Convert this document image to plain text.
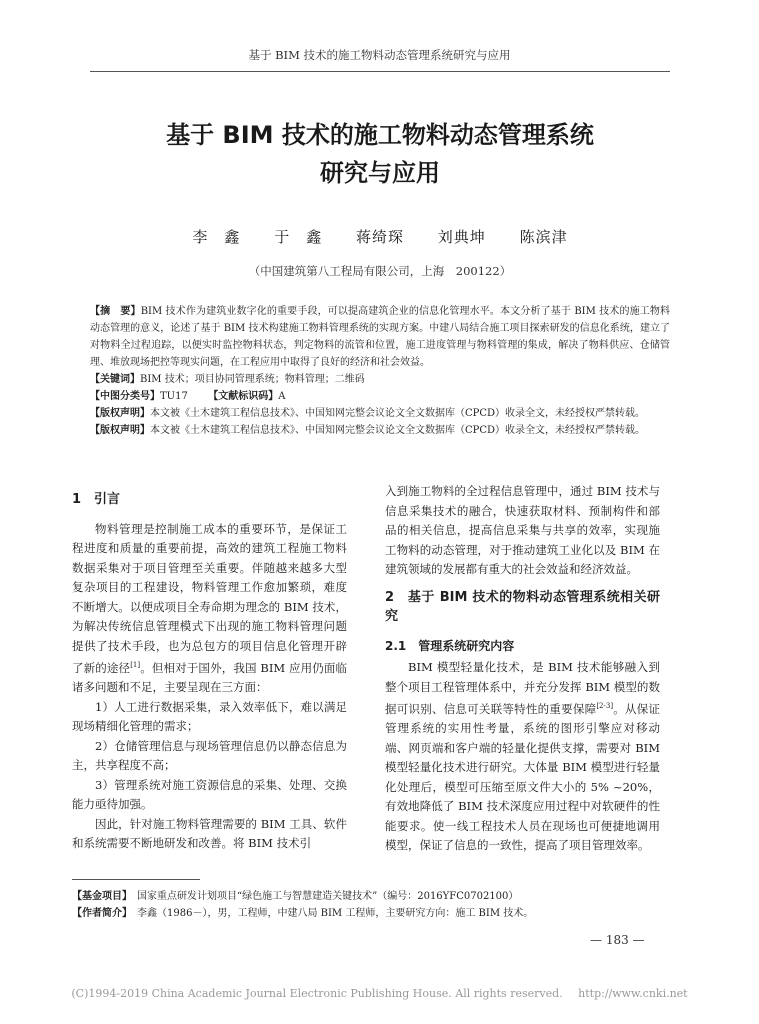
基于 BIM 技术的施工物料动态管理系统研究与应用
基于 BIM 技术的施工物料动态管理系统
研究与应用
李　鑫 于　鑫 蒋绮琛 刘典坤 陈滨津
（中国建筑第八工程局有限公司，上海　200122）

【摘　要】BIM 技术作为建筑业数字化的重要手段，可以提高建筑企业的信息化管理水平。本文分析了基于 BIM 技术的施工物料动态管理的意义，论述了基于 BIM 技术构建施工物料管理系统的实现方案。中建八局结合施工项目探索研发的信息化系统，建立了对物料全过程追踪，以便实时监控物料状态，判定物料的流管和位置，施工进度管理与物料管理的集成，解决了物料供应、仓储管理、堆放现场把控等现实问题，在工程应用中取得了良好的经济和社会效益。

【关键词】BIM 技术；项目协同管理系统；物料管理；二维码

【中图分类号】TU17 【文献标识码】A

【版权声明】本文被《土木建筑工程信息技术》、中国知网完整会议论文全文数据库（CPCD）收录全文，未经授权严禁转载。

【版权声明】本文被《土木建筑工程信息技术》、中国知网完整会议论文全文数据库（CPCD）收录全文，未经授权严禁转载。

1　引言

物料管理是控制施工成本的重要环节，是保证工程进度和质量的重要前提，高效的建筑工程施工物料数据采集对于项目管理至关重要。伴随越来越多大型复杂项目的工程建设，物料管理工作愈加繁琐，难度不断增大。以便成项目全寿命期为理念的 BIM 技术，为解决传统信息管理模式下出现的施工物料管理问题提供了技术手段，也为总包方的项目信息化管理开辟了新的途径[1]。但相对于国外，我国 BIM 应用仍面临诸多问题和不足，主要呈现在三方面：

1）人工进行数据采集，录入效率低下，难以满足现场精细化管理的需求；

2）仓储管理信息与现场管理信息仍以静态信息为主，共享程度不高；

3）管理系统对施工资源信息的采集、处理、交换能力亟待加强。

因此，针对施工物料管理需要的 BIM 工具、软件和系统需要不断地研发和改善。将 BIM 技术引

入到施工物料的全过程信息管理中，通过 BIM 技术与信息采集技术的融合，快速获取材料、预制构件和部品的相关信息，提高信息采集与共享的效率，实现施工物料的动态管理，对于推动建筑工业化以及 BIM 在建筑领域的发展都有重大的社会效益和经济效益。

2　基于 BIM 技术的物料动态管理系统相关研究

2.1　管理系统研究内容

BIM 模型轻量化技术，是 BIM 技术能够融入到整个项目工程管理体系中，并充分发挥 BIM 模型的数据可识别、信息可关联等特性的重要保障[2-3]。从保证管理系统的实用性考量，系统的图形引擎应对移动端、网页端和客户端的轻量化提供支撑，需要对 BIM 模型轻量化技术进行研究。大体量 BIM 模型进行轻量化处理后，模型可压缩至原文件大小的 5% ~20%，有效地降低了 BIM 技术深度应用过程中对软硬件的性能要求。使一线工程技术人员在现场也可便捷地调用模型，保证了信息的一致性，提高了项目管理效率。

【基金项目】　 国家重点研发计划项目“绿色施工与智慧建造关键技术”（编号：2016YFC0702100）

【作者简介】　 李鑫（1986－），男，工程师，中建八局 BIM 工程师，主要研究方向：施工 BIM 技术。

— 183 —
(C)1994-2019 China Academic Journal Electronic Publishing House. All rights reserved. http://www.cnki.net
